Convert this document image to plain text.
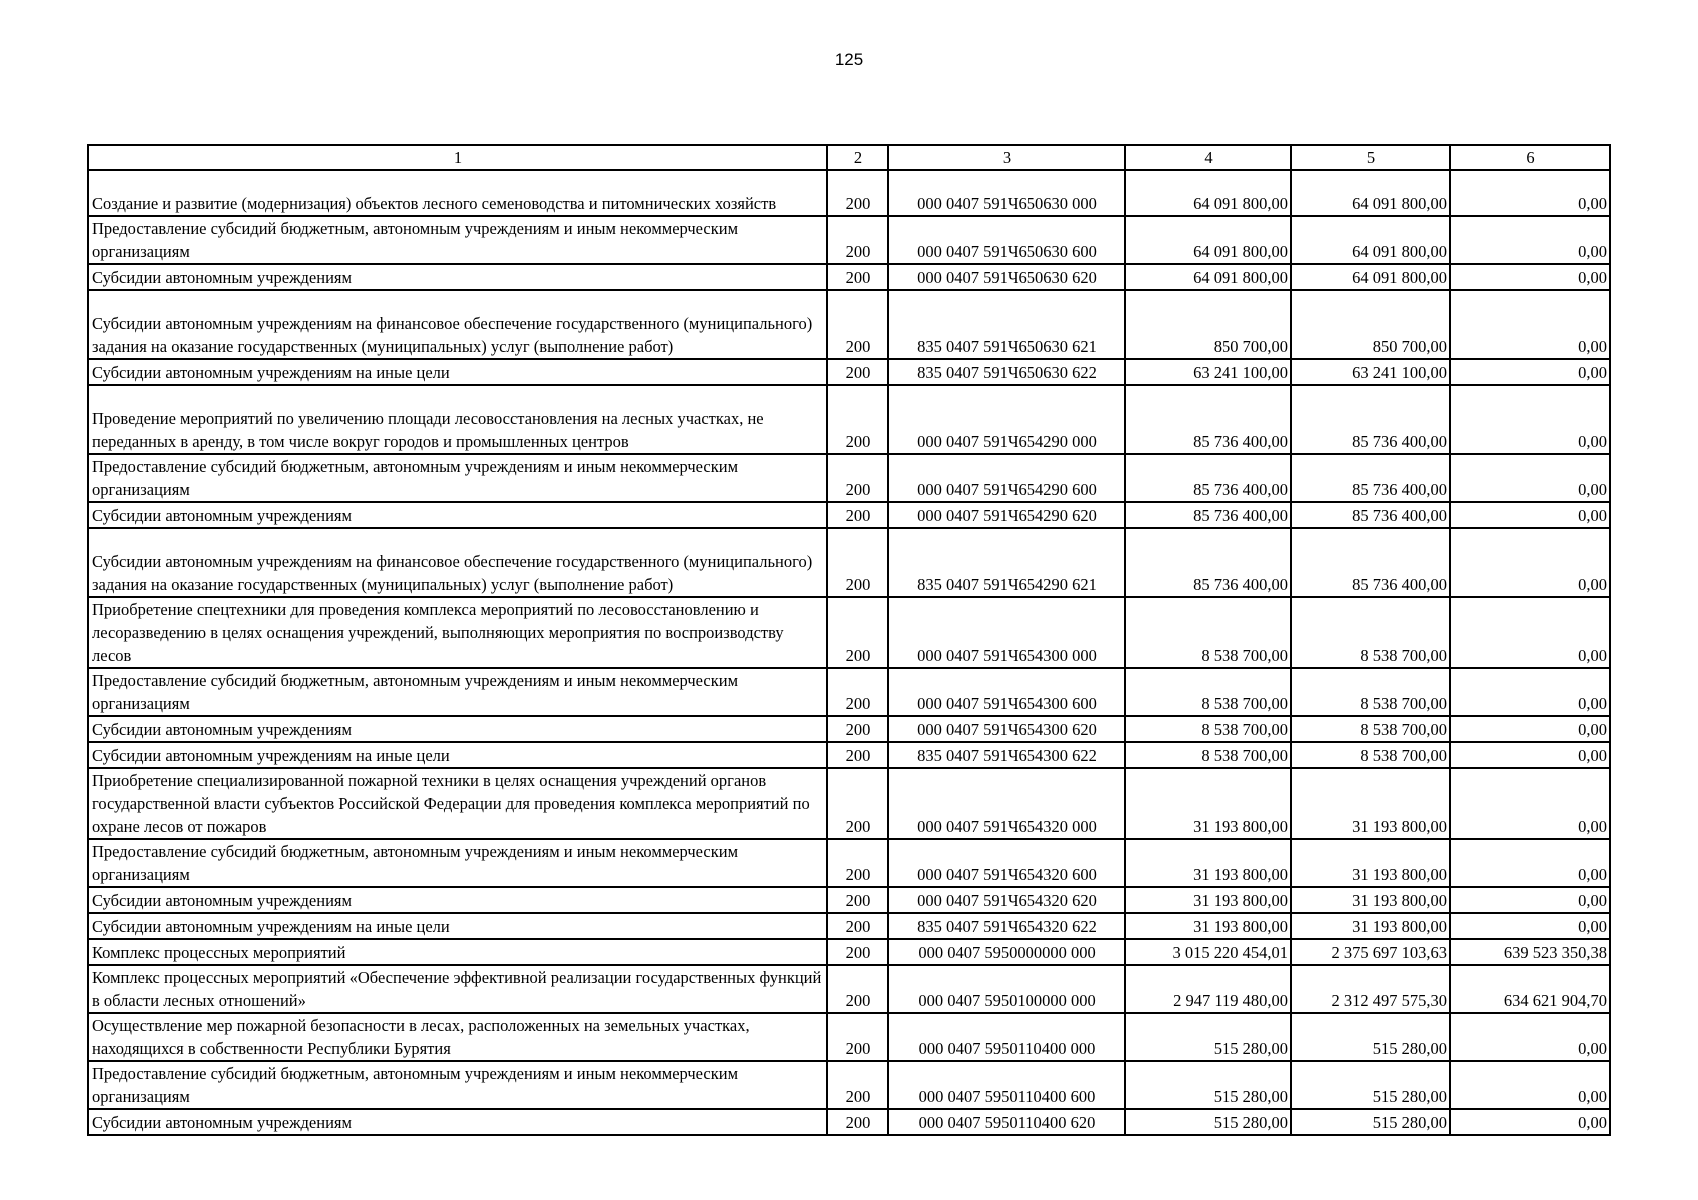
125
1	2	3	4	5	6
Создание и развитие (модернизация) объектов лесного семеноводства и питомнических хозяйств	200	000 0407 591Ч650630 000	64 091 800,00	64 091 800,00	0,00
Предоставление субсидий бюджетным, автономным учреждениям и иным некоммерческим организациям	200	000 0407 591Ч650630 600	64 091 800,00	64 091 800,00	0,00
Субсидии автономным учреждениям	200	000 0407 591Ч650630 620	64 091 800,00	64 091 800,00	0,00
Субсидии автономным учреждениям на финансовое обеспечение государственного (муниципального) задания на оказание государственных (муниципальных) услуг (выполнение работ)	200	835 0407 591Ч650630 621	850 700,00	850 700,00	0,00
Субсидии автономным учреждениям на иные цели	200	835 0407 591Ч650630 622	63 241 100,00	63 241 100,00	0,00
Проведение мероприятий по увеличению площади лесовосстановления на лесных участках, не переданных в аренду, в том числе вокруг городов и промышленных центров	200	000 0407 591Ч654290 000	85 736 400,00	85 736 400,00	0,00
Предоставление субсидий бюджетным, автономным учреждениям и иным некоммерческим организациям	200	000 0407 591Ч654290 600	85 736 400,00	85 736 400,00	0,00
Субсидии автономным учреждениям	200	000 0407 591Ч654290 620	85 736 400,00	85 736 400,00	0,00
Субсидии автономным учреждениям на финансовое обеспечение государственного (муниципального) задания на оказание государственных (муниципальных) услуг (выполнение работ)	200	835 0407 591Ч654290 621	85 736 400,00	85 736 400,00	0,00
Приобретение спецтехники для проведения комплекса мероприятий по лесовосстановлению и лесоразведению в целях оснащения учреждений, выполняющих мероприятия по воспроизводству лесов	200	000 0407 591Ч654300 000	8 538 700,00	8 538 700,00	0,00
Предоставление субсидий бюджетным, автономным учреждениям и иным некоммерческим организациям	200	000 0407 591Ч654300 600	8 538 700,00	8 538 700,00	0,00
Субсидии автономным учреждениям	200	000 0407 591Ч654300 620	8 538 700,00	8 538 700,00	0,00
Субсидии автономным учреждениям на иные цели	200	835 0407 591Ч654300 622	8 538 700,00	8 538 700,00	0,00
Приобретение специализированной пожарной техники в целях оснащения учреждений органов государственной власти субъектов Российской Федерации для проведения комплекса мероприятий по охране лесов от пожаров	200	000 0407 591Ч654320 000	31 193 800,00	31 193 800,00	0,00
Предоставление субсидий бюджетным, автономным учреждениям и иным некоммерческим организациям	200	000 0407 591Ч654320 600	31 193 800,00	31 193 800,00	0,00
Субсидии автономным учреждениям	200	000 0407 591Ч654320 620	31 193 800,00	31 193 800,00	0,00
Субсидии автономным учреждениям на иные цели	200	835 0407 591Ч654320 622	31 193 800,00	31 193 800,00	0,00
Комплекс процессных мероприятий	200	000 0407 5950000000 000	3 015 220 454,01	2 375 697 103,63	639 523 350,38
Комплекс процессных мероприятий «Обеспечение эффективной реализации государственных функций в области лесных отношений»	200	000 0407 5950100000 000	2 947 119 480,00	2 312 497 575,30	634 621 904,70
Осуществление мер пожарной безопасности в лесах, расположенных на земельных участках, находящихся в собственности Республики Бурятия	200	000 0407 5950110400 000	515 280,00	515 280,00	0,00
Предоставление субсидий бюджетным, автономным учреждениям и иным некоммерческим организациям	200	000 0407 5950110400 600	515 280,00	515 280,00	0,00
Субсидии автономным учреждениям	200	000 0407 5950110400 620	515 280,00	515 280,00	0,00
